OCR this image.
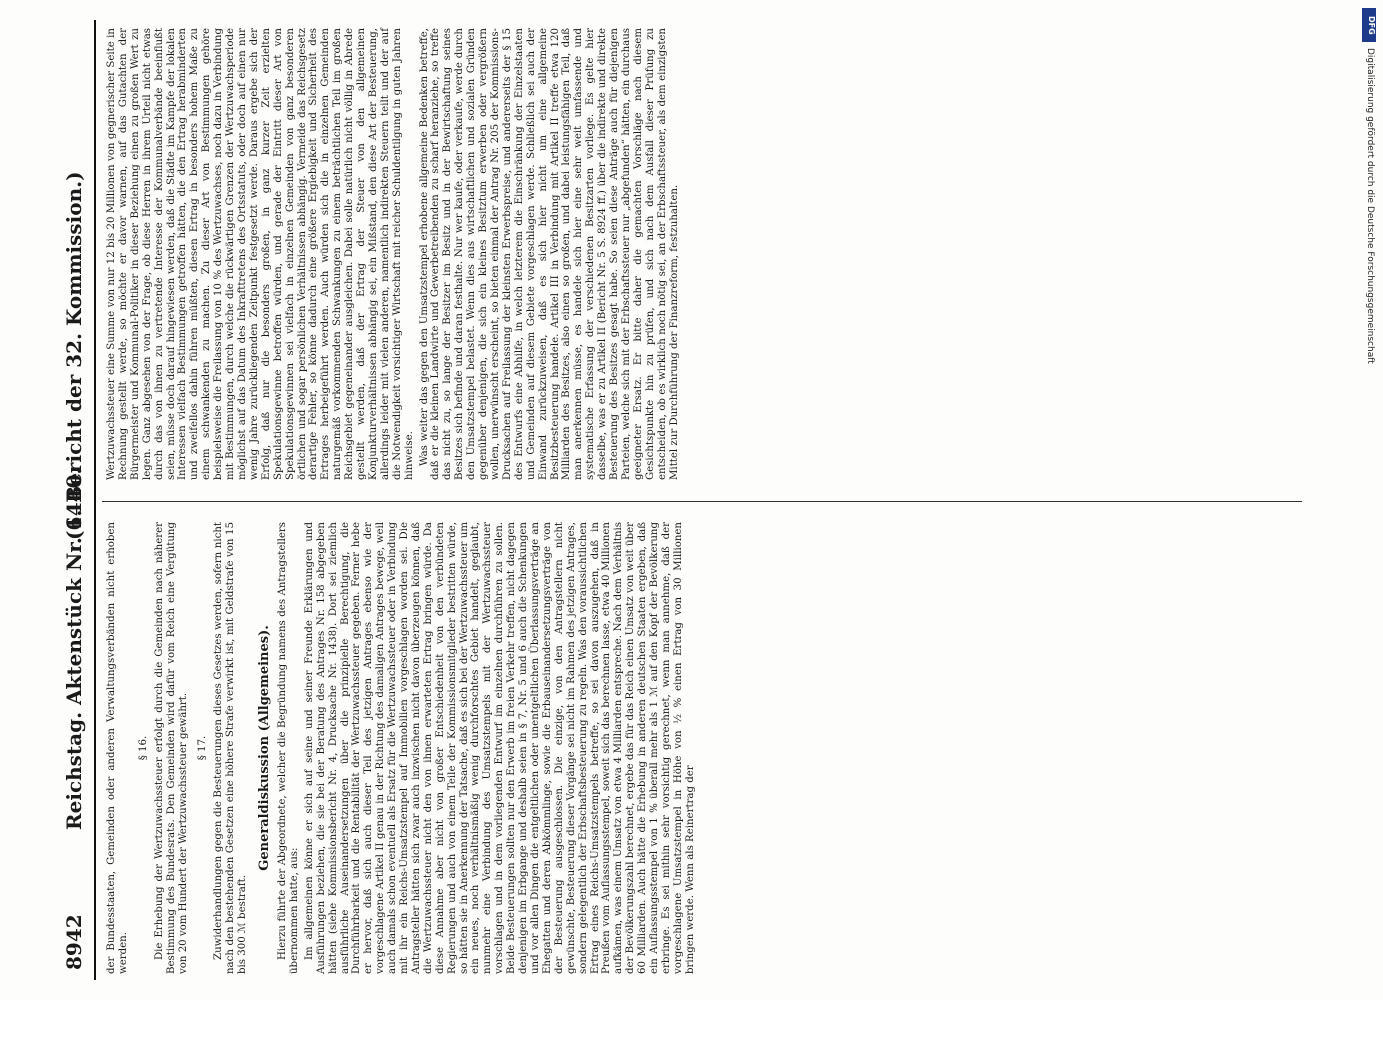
8942
Reichstag. Aktenstück Nr. 1440.
(6. Bericht der 32. Kommission.)

der Bundesstaaten, Gemeinden oder anderen Verwaltungsverbänden nicht erhoben werden.

§ 16. Die Erhebung der Wertzuwachssteuer erfolgt durch die Gemeinden nach näherer Bestimmung des Bundesrats. Den Gemeinden wird dafür vom Reich eine Vergütung von 20 vom Hundert der Wertzuwachssteuer gewährt. § 17. Zuwiderhandlungen gegen die Besteuerungen dieses Gesetzes werden, sofern nicht nach den bestehenden Gesetzen eine höhere Strafe verwirkt ist, mit Geldstrafe von 15 bis 300 ℳ bestraft.

Generaldiskussion (Allgemeines). Hierzu führte der Abgeordnete, welcher die Begründung namens des Antragstellers übernommen hatte, aus: Im allgemeinen könne er sich auf seine und seiner Freunde Erklärungen und Ausführungen beziehen, die sie bei der Beratung des Antrages Nr. 158 abgegeben hätten (siehe Kommissionsbericht Nr. 4, Drucksache Nr. 1438). Dort sei ziemlich ausführliche Auseinandersetzungen über die prinzipielle Berechtigung, die Durchführbarkeit und die Rentabilität der Wertzuwachssteuer gegeben. Ferner hebe er hervor, daß sich auch dieser Teil des jetzigen Antrages ebenso wie der vorgeschlagene Artikel II genau in der Richtung des damaligen Antrages bewege, weil auch damals schon eventuell als Ersatz für die Wertzuwachssteuer oder in Verbindung mit ihr ein Reichs-Umsatzstempel auf Immobilien vorgeschlagen worden sei. Die Antragsteller hätten sich zwar auch inzwischen nicht davon überzeugen können, daß die Wertzuwachssteuer nicht den von ihnen erwarteten Ertrag bringen würde. Da diese Annahme aber nicht von großer Entschiedenheit von den verbündeten Regierungen und auch von einem Teile der Kommissionsmitglieder bestritten würde, so hätten sie in Anerkennung der Tatsache, daß es sich bei der Wertzuwachssteuer um ein neues, noch verhältnismäßig wenig durchforschtes Gebiet handelt, geglaubt, nunmehr eine Verbindung des Umsatzstempels mit der Wertzuwachssteuer vorschlagen und in dem vorliegenden Entwurf im einzelnen durchführen zu sollen. Beide Besteuerungen sollten nur den Erwerb im freien Verkehr treffen, nicht dagegen denjenigen im Erbgange und deshalb seien in § 7, Nr. 5 und 6 auch die Schenkungen und vor allen Dingen die entgeltlichen oder unentgeltlichen Überlassungsverträge an Ehegatten und deren Abkömmlinge, sowie die Erbauseinandersetzungsverträge von der Besteuerung ausgeschlossen. Die einzige, von den Antragstellern nicht gewünschte, Besteuerung dieser Vorgänge sei nicht im Rahmen des jetzigen Antrages, sondern gelegentlich der Erbschaftsbesteuerung zu regeln. Was den voraussichtlichen Ertrag eines Reichs-Umsatzstempels betreffe, so sei davon auszugehen, daß in Preußen vom Auflassungsstempel, soweit sich das berechnen lasse, etwa 40 Millionen aufkämen, was einem Umsatz von etwa 4 Milliarden entspreche. Nach dem Verhältnis der Bevölkerungszahl berechnet, ergebe das für das Reich einen Umsatz von weit über 60 Milliarden. Auch hätte die Erhebung in anderen deutschen Staaten ergeben, daß ein Auflassungsstempel von 1 % überall mehr als 1 ℳ auf den Kopf der Bevölkerung erbringe. Es sei mithin sehr vorsichtig gerechnet, wenn man annehme, daß der vorgeschlagene Umsatzstempel in Höhe von ½ % einen Ertrag von 30 Millionen bringen werde. Wenn als Reinertrag der

Wertzuwachssteuer eine Summe von nur 12 bis 20 Millionen von gegnerischer Seite in Rechnung gestellt werde, so möchte er davor warnen, auf das Gutachten der Bürgermeister und Kommunal-Politiker in dieser Beziehung einen zu großen Wert zu legen. Ganz abgesehen von der Frage, ob diese Herren in ihrem Urteil nicht etwas durch das von ihnen zu vertretende Interesse der Kommunalverbände beeinflußt seien, müsse doch darauf hingewiesen werden, daß die Städte im Kampfe der lokalen Interessen vielfach Bestimmungen getroffen hätten, die den Ertrag herabminderten und zweifellos dahin führen müßten, diesen Ertrag in besonders hohem Maße zu einem schwankenden zu machen. Zu dieser Art von Bestimmungen gehöre beispielsweise die Freilassung von 10 % des Wertzuwachses, noch dazu in Verbindung mit Bestimmungen, durch welche die rückwärtigen Grenzen der Wertzuwachsperiode möglichst auf das Datum des Inkrafttretens des Ortsstatuts, oder doch auf einen nur wenig Jahre zurückliegenden Zeitpunkt festgesetzt werde. Daraus ergebe sich der Erfolg, daß nur die besonders großen, in ganz kurzer Zeit erzielten Spekulationsgewinne betroffen würden, und gerade der Eintritt dieser Art von Spekulationsgewinnen sei vielfach in einzelnen Gemeinden von ganz besonderen örtlichen und sogar persönlichen Verhältnissen abhängig. Vermeide das Reichsgesetz derartige Fehler, so könne dadurch eine größere Ergiebigkeit und Sicherheit des Ertrages herbeigeführt werden. Auch würden sich die in einzelnen Gemeinden naturgemäß vorkommenden Schwankungen zu einem beträchtlichen Teil im großen Reichsgebiet gegeneinander ausgleichen. Dabei solle natürlich nicht völlig in Abrede gestellt werden, daß der Ertrag der Steuer von den allgemeinen Konjunkturverhältnissen abhängig sei, ein Mißstand, den diese Art der Besteuerung, allerdings leider mit vielen anderen, namentlich indirekten Steuern teilt und der auf die Notwendigkeit vorsichtiger Wirtschaft mit reicher Schuldentilgung in guten Jahren hinweise. Was weiter das gegen den Umsatzstempel erhobene allgemeine Bedenken betreffe, daß er die kleinen Landwirte und Gewerbetreibenden zu scharf heranziehe, so treffe das nicht zu, so lange der Besitzer im Besitz und in der Bewirtschaftung seines Besitzes sich befinde und daran festhalte. Nur wer kaufe, oder verkaufe, werde durch den Umsatzstempel belastet. Wenn dies aus wirtschaftlichen und sozialen Gründen gegenüber denjenigen, die sich ein kleines Besitztum erwerben oder vergrößern wollen, unerwünscht erscheint, so bieten einmal der Antrag Nr. 205 der Kommissions-Drucksachen auf Freilassung der kleinsten Erwerbspreise, und andererseits der § 15 des Entwurfs eine Abhilfe, in welch letzterem die Einschränkung der Einzelstaaten und Gemeinden auf diesem Gebiete vorgeschlagen werde. Schließlich sei auch der Einwand zurückzuweisen, daß es sich hier nicht um eine allgemeine Besitzbesteuerung handele. Artikel III in Verbindung mit Artikel II treffe etwa 120 Milliarden des Besitzes, also einen so großen, und dabei leistungsfähigen Teil, daß man anerkennen müsse, es handele sich hier eine sehr weit umfassende und systematische Erfassung der verschiedenen Besitzarten vorliege. Es gelte hier dasselbe, was er zu Artikel II (Bericht Nr. 5 S. 8924 ff.) über die indirekte und direkte Besteuerung des Besitzes gesagt habe. So seien diese Anträge auch für diejenigen Parteien, welche sich mit der Erbschaftssteuer nur „abgefunden“ hätten, ein durchaus geeigneter Ersatz. Er bitte daher die gemachten Vorschläge nach diesem Gesichtspunkte hin zu prüfen, und sich nach dem Ausfall dieser Prüfung zu entscheiden, ob es wirklich noch nötig sei, an der Erbschaftssteuer, als dem einzigsten Mittel zur Durchführung der Finanzreform, festzuhalten.

DFG
Digitalisierung gefördert durch die Deutsche Forschungsgemeinschaft
